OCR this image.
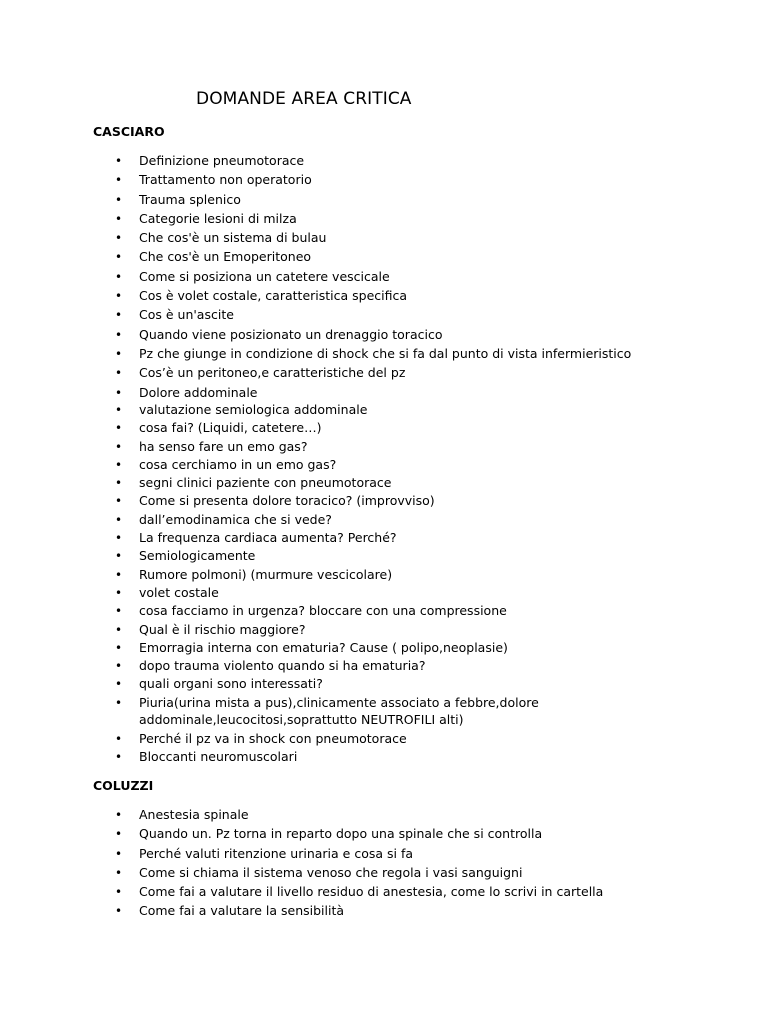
DOMANDE AREA CRITICA
CASCIARO
• Definizione pneumotorace
• Trattamento non operatorio
• Trauma splenico
• Categorie lesioni di milza
• Che cos'è un sistema di bulau
• Che cos'è un Emoperitoneo
• Come si posiziona un catetere vescicale
• Cos è volet costale, caratteristica specifica
• Cos è un'ascite
• Quando viene posizionato un drenaggio toracico
• Pz che giunge in condizione di shock che si fa dal punto di vista infermieristico
• Cos’è un peritoneo,e caratteristiche del pz
• Dolore addominale
• valutazione semiologica addominale
• cosa fai? (Liquidi, catetere…)
• ha senso fare un emo gas?
• cosa cerchiamo in un emo gas?
• segni clinici paziente con pneumotorace
• Come si presenta dolore toracico? (improvviso)
• dall’emodinamica che si vede?
• La frequenza cardiaca aumenta? Perché?
• Semiologicamente
• Rumore polmoni) (murmure vescicolare)
• volet costale
• cosa facciamo in urgenza? bloccare con una compressione
• Qual è il rischio maggiore?
• Emorragia interna con ematuria? Cause ( polipo,neoplasie)
• dopo trauma violento quando si ha ematuria?
• quali organi sono interessati?
• Piuria(urina mista a pus),clinicamente associato a febbre,dolore
addominale,leucocitosi,soprattutto NEUTROFILI alti)
• Perché il pz va in shock con pneumotorace
• Bloccanti neuromuscolari
COLUZZI
• Anestesia spinale
• Quando un. Pz torna in reparto dopo una spinale che si controlla
• Perché valuti ritenzione urinaria e cosa si fa
• Come si chiama il sistema venoso che regola i vasi sanguigni
• Come fai a valutare il livello residuo di anestesia, come lo scrivi in cartella
• Come fai a valutare la sensibilità
